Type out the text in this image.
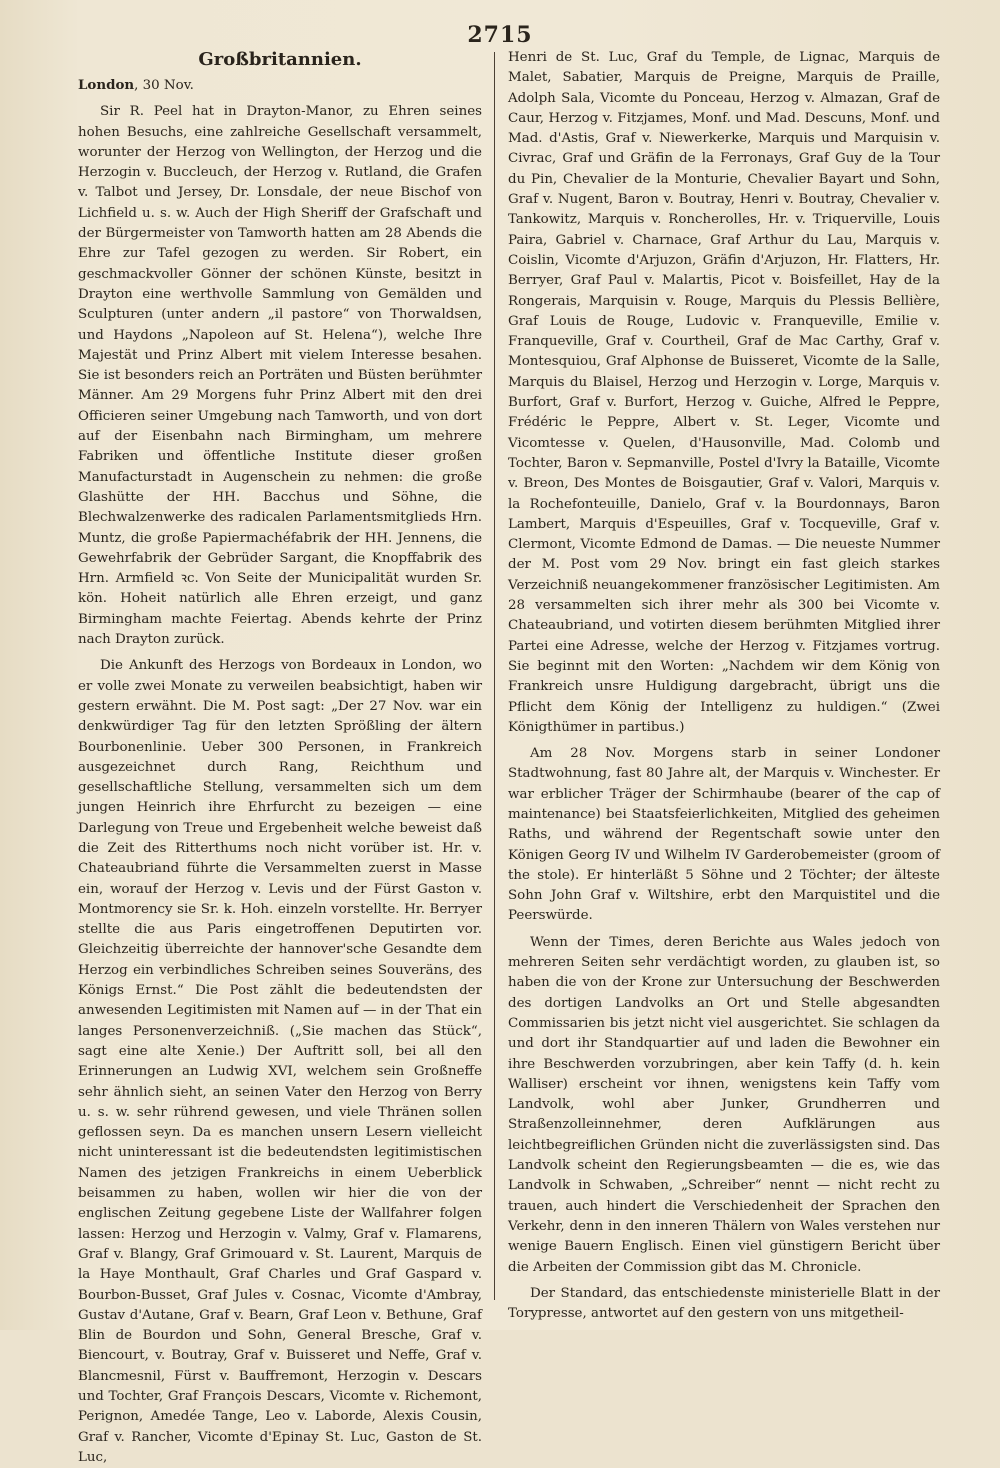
2715
Großbritannien.

London, 30 Nov.

Sir R. Peel hat in Drayton-Manor, zu Ehren seines hohen Besuchs, eine zahlreiche Gesellschaft versammelt, worunter der Herzog von Wellington, der Herzog und die Herzogin v. Buccleuch, der Herzog v. Rutland, die Grafen v. Talbot und Jersey, Dr. Lonsdale, der neue Bischof von Lichfield u. s. w. Auch der High Sheriff der Grafschaft und der Bürgermeister von Tamworth hatten am 28 Abends die Ehre zur Tafel gezogen zu werden. Sir Robert, ein geschmackvoller Gönner der schönen Künste, besitzt in Drayton eine werthvolle Sammlung von Gemälden und Sculpturen (unter andern „il pastore“ von Thorwaldsen, und Haydons „Napoleon auf St. Helena“), welche Ihre Majestät und Prinz Albert mit vielem Interesse besahen. Sie ist besonders reich an Porträten und Büsten berühmter Männer. Am 29 Morgens fuhr Prinz Albert mit den drei Officieren seiner Umgebung nach Tamworth, und von dort auf der Eisenbahn nach Birmingham, um mehrere Fabriken und öffentliche Institute dieser großen Manufacturstadt in Augenschein zu nehmen: die große Glashütte der HH. Bacchus und Söhne, die Blechwalzenwerke des radicalen Parlamentsmitglieds Hrn. Muntz, die große Papiermachéfabrik der HH. Jennens, die Gewehrfabrik der Gebrüder Sargant, die Knopffabrik des Hrn. Armfield ꝛc. Von Seite der Municipalität wurden Sr. kön. Hoheit natürlich alle Ehren erzeigt, und ganz Birmingham machte Feiertag. Abends kehrte der Prinz nach Drayton zurück.

Die Ankunft des Herzogs von Bordeaux in London, wo er volle zwei Monate zu verweilen beabsichtigt, haben wir gestern erwähnt. Die M. Post sagt: „Der 27 Nov. war ein denkwürdiger Tag für den letzten Sprößling der ältern Bourbonenlinie. Ueber 300 Personen, in Frankreich ausgezeichnet durch Rang, Reichthum und gesellschaftliche Stellung, versammelten sich um dem jungen Heinrich ihre Ehrfurcht zu bezeigen — eine Darlegung von Treue und Ergebenheit welche beweist daß die Zeit des Ritterthums noch nicht vorüber ist. Hr. v. Chateaubriand führte die Versammelten zuerst in Masse ein, worauf der Herzog v. Levis und der Fürst Gaston v. Montmorency sie Sr. k. Hoh. einzeln vorstellte. Hr. Berryer stellte die aus Paris eingetroffenen Deputirten vor. Gleichzeitig überreichte der hannover'sche Gesandte dem Herzog ein verbindliches Schreiben seines Souveräns, des Königs Ernst.“ Die Post zählt die bedeutendsten der anwesenden Legitimisten mit Namen auf — in der That ein langes Personenverzeichniß. („Sie machen das Stück“, sagt eine alte Xenie.) Der Auftritt soll, bei all den Erinnerungen an Ludwig XVI, welchem sein Großneffe sehr ähnlich sieht, an seinen Vater den Herzog von Berry u. s. w. sehr rührend gewesen, und viele Thränen sollen geflossen seyn. Da es manchen unsern Lesern vielleicht nicht uninteressant ist die bedeutendsten legitimistischen Namen des jetzigen Frankreichs in einem Ueberblick beisammen zu haben, wollen wir hier die von der englischen Zeitung gegebene Liste der Wallfahrer folgen lassen: Herzog und Herzogin v. Valmy, Graf v. Flamarens, Graf v. Blangy, Graf Grimouard v. St. Laurent, Marquis de la Haye Monthault, Graf Charles und Graf Gaspard v. Bourbon-Busset, Graf Jules v. Cosnac, Vicomte d'Ambray, Gustav d'Autane, Graf v. Bearn, Graf Leon v. Bethune, Graf Blin de Bourdon und Sohn, General Bresche, Graf v. Biencourt, v. Boutray, Graf v. Buisseret und Neffe, Graf v. Blancmesnil, Fürst v. Bauffremont, Herzogin v. Descars und Tochter, Graf François Descars, Vicomte v. Richemont, Perignon, Amedée Tange, Leo v. Laborde, Alexis Cousin, Graf v. Rancher, Vicomte d'Epinay St. Luc, Gaston de St. Luc,

Henri de St. Luc, Graf du Temple, de Lignac, Marquis de Malet, Sabatier, Marquis de Preigne, Marquis de Praille, Adolph Sala, Vicomte du Ponceau, Herzog v. Almazan, Graf de Caur, Herzog v. Fitzjames, Monf. und Mad. Descuns, Monf. und Mad. d'Astis, Graf v. Niewerkerke, Marquis und Marquisin v. Civrac, Graf und Gräfin de la Ferronays, Graf Guy de la Tour du Pin, Chevalier de la Monturie, Chevalier Bayart und Sohn, Graf v. Nugent, Baron v. Boutray, Henri v. Boutray, Chevalier v. Tankowitz, Marquis v. Roncherolles, Hr. v. Triquerville, Louis Paira, Gabriel v. Charnace, Graf Arthur du Lau, Marquis v. Coislin, Vicomte d'Arjuzon, Gräfin d'Arjuzon, Hr. Flatters, Hr. Berryer, Graf Paul v. Malartis, Picot v. Boisfeillet, Hay de la Rongerais, Marquisin v. Rouge, Marquis du Plessis Bellière, Graf Louis de Rouge, Ludovic v. Franqueville, Emilie v. Franqueville, Graf v. Courtheil, Graf de Mac Carthy, Graf v. Montesquiou, Graf Alphonse de Buisseret, Vicomte de la Salle, Marquis du Blaisel, Herzog und Herzogin v. Lorge, Marquis v. Burfort, Graf v. Burfort, Herzog v. Guiche, Alfred le Peppre, Frédéric le Peppre, Albert v. St. Leger, Vicomte und Vicomtesse v. Quelen, d'Hausonville, Mad. Colomb und Tochter, Baron v. Sepmanville, Postel d'Ivry la Bataille, Vicomte v. Breon, Des Montes de Boisgautier, Graf v. Valori, Marquis v. la Rochefonteuille, Danielo, Graf v. la Bourdonnays, Baron Lambert, Marquis d'Espeuilles, Graf v. Tocqueville, Graf v. Clermont, Vicomte Edmond de Damas. — Die neueste Nummer der M. Post vom 29 Nov. bringt ein fast gleich starkes Verzeichniß neuangekommener französischer Legitimisten. Am 28 versammelten sich ihrer mehr als 300 bei Vicomte v. Chateaubriand, und votirten diesem berühmten Mitglied ihrer Partei eine Adresse, welche der Herzog v. Fitzjames vortrug. Sie beginnt mit den Worten: „Nachdem wir dem König von Frankreich unsre Huldigung dargebracht, übrigt uns die Pflicht dem König der Intelligenz zu huldigen.“ (Zwei Königthümer in partibus.)

Am 28 Nov. Morgens starb in seiner Londoner Stadtwohnung, fast 80 Jahre alt, der Marquis v. Winchester. Er war erblicher Träger der Schirmhaube (bearer of the cap of maintenance) bei Staatsfeierlichkeiten, Mitglied des geheimen Raths, und während der Regentschaft sowie unter den Königen Georg IV und Wilhelm IV Garderobemeister (groom of the stole). Er hinterläßt 5 Söhne und 2 Töchter; der älteste Sohn John Graf v. Wiltshire, erbt den Marquistitel und die Peerswürde.

Wenn der Times, deren Berichte aus Wales jedoch von mehreren Seiten sehr verdächtigt worden, zu glauben ist, so haben die von der Krone zur Untersuchung der Beschwerden des dortigen Landvolks an Ort und Stelle abgesandten Commissarien bis jetzt nicht viel ausgerichtet. Sie schlagen da und dort ihr Standquartier auf und laden die Bewohner ein ihre Beschwerden vorzubringen, aber kein Taffy (d. h. kein Walliser) erscheint vor ihnen, wenigstens kein Taffy vom Landvolk, wohl aber Junker, Grundherren und Straßenzolleinnehmer, deren Aufklärungen aus leichtbegreiflichen Gründen nicht die zuverlässigsten sind. Das Landvolk scheint den Regierungsbeamten — die es, wie das Landvolk in Schwaben, „Schreiber“ nennt — nicht recht zu trauen, auch hindert die Verschiedenheit der Sprachen den Verkehr, denn in den inneren Thälern von Wales verstehen nur wenige Bauern Englisch. Einen viel günstigern Bericht über die Arbeiten der Commission gibt das M. Chronicle.

Der Standard, das entschiedenste ministerielle Blatt in der Torypresse, antwortet auf den gestern von uns mitgetheil-
